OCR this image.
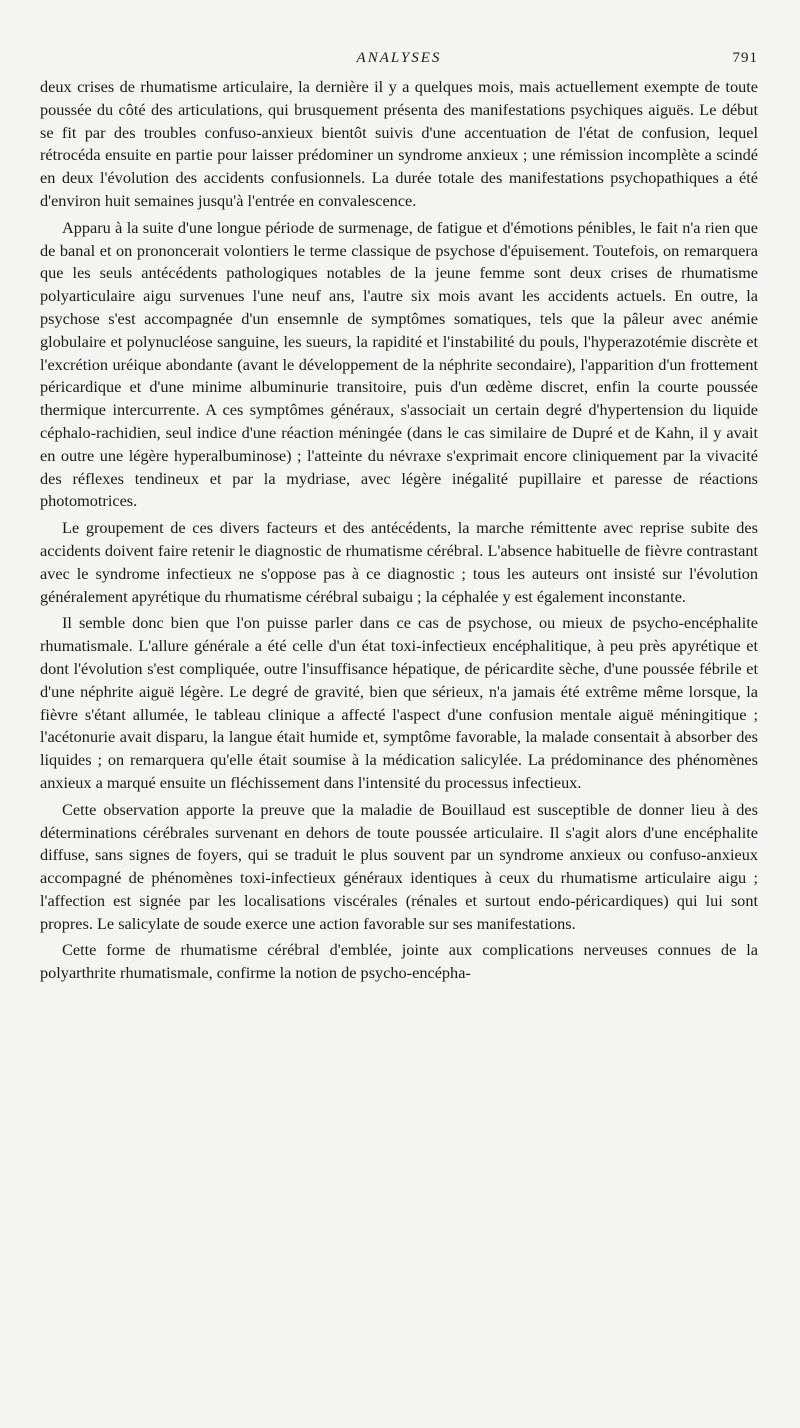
ANALYSES	791

deux crises de rhumatisme articulaire, la dernière il y a quelques mois, mais actuellement exempte de toute poussée du côté des articulations, qui brusquement présenta des manifestations psychiques aiguës. Le début se fit par des troubles confuso-anxieux bientôt suivis d'une accentuation de l'état de confusion, lequel rétrocéda ensuite en partie pour laisser prédominer un syndrome anxieux ; une rémission incomplète a scindé en deux l'évolution des accidents confusionnels. La durée totale des manifestations psychopathiques a été d'environ huit semaines jusqu'à l'entrée en convalescence.

Apparu à la suite d'une longue période de surmenage, de fatigue et d'émotions pénibles, le fait n'a rien que de banal et on prononcerait volontiers le terme classique de psychose d'épuisement. Toutefois, on remarquera que les seuls antécédents pathologiques notables de la jeune femme sont deux crises de rhumatisme polyarticulaire aigu survenues l'une neuf ans, l'autre six mois avant les accidents actuels. En outre, la psychose s'est accompagnée d'un ensemnle de symptômes somatiques, tels que la pâleur avec anémie globulaire et polynucléose sanguine, les sueurs, la rapidité et l'instabilité du pouls, l'hyperazotémie discrète et l'excrétion uréique abondante (avant le développement de la néphrite secondaire), l'apparition d'un frottement péricardique et d'une minime albuminurie transitoire, puis d'un œdème discret, enfin la courte poussée thermique intercurrente. A ces symptômes généraux, s'associait un certain degré d'hypertension du liquide céphalo-rachidien, seul indice d'une réaction méningée (dans le cas similaire de Dupré et de Kahn, il y avait en outre une légère hyperalbuminose) ; l'atteinte du névraxe s'exprimait encore cliniquement par la vivacité des réflexes tendineux et par la mydriase, avec légère inégalité pupillaire et paresse de réactions photomotrices.

Le groupement de ces divers facteurs et des antécédents, la marche rémittente avec reprise subite des accidents doivent faire retenir le diagnostic de rhumatisme cérébral. L'absence habituelle de fièvre contrastant avec le syndrome infectieux ne s'oppose pas à ce diagnostic ; tous les auteurs ont insisté sur l'évolution généralement apyrétique du rhumatisme cérébral subaigu ; la céphalée y est également inconstante.

Il semble donc bien que l'on puisse parler dans ce cas de psychose, ou mieux de psycho-encéphalite rhumatismale. L'allure générale a été celle d'un état toxi-infectieux encéphalitique, à peu près apyrétique et dont l'évolution s'est compliquée, outre l'insuffisance hépatique, de péricardite sèche, d'une poussée fébrile et d'une néphrite aiguë légère. Le degré de gravité, bien que sérieux, n'a jamais été extrême même lorsque, la fièvre s'étant allumée, le tableau clinique a affecté l'aspect d'une confusion mentale aiguë méningitique ; l'acétonurie avait disparu, la langue était humide et, symptôme favorable, la malade consentait à absorber des liquides ; on remarquera qu'elle était soumise à la médication salicylée. La prédominance des phénomènes anxieux a marqué ensuite un fléchissement dans l'intensité du processus infectieux.

Cette observation apporte la preuve que la maladie de Bouillaud est susceptible de donner lieu à des déterminations cérébrales survenant en dehors de toute poussée articulaire. Il s'agit alors d'une encéphalite diffuse, sans signes de foyers, qui se traduit le plus souvent par un syndrome anxieux ou confuso-anxieux accompagné de phénomènes toxi-infectieux généraux identiques à ceux du rhumatisme articulaire aigu ; l'affection est signée par les localisations viscérales (rénales et surtout endo-péricardiques) qui lui sont propres. Le salicylate de soude exerce une action favorable sur ses manifestations.

Cette forme de rhumatisme cérébral d'emblée, jointe aux complications nerveuses connues de la polyarthrite rhumatismale, confirme la notion de psycho-encépha-
